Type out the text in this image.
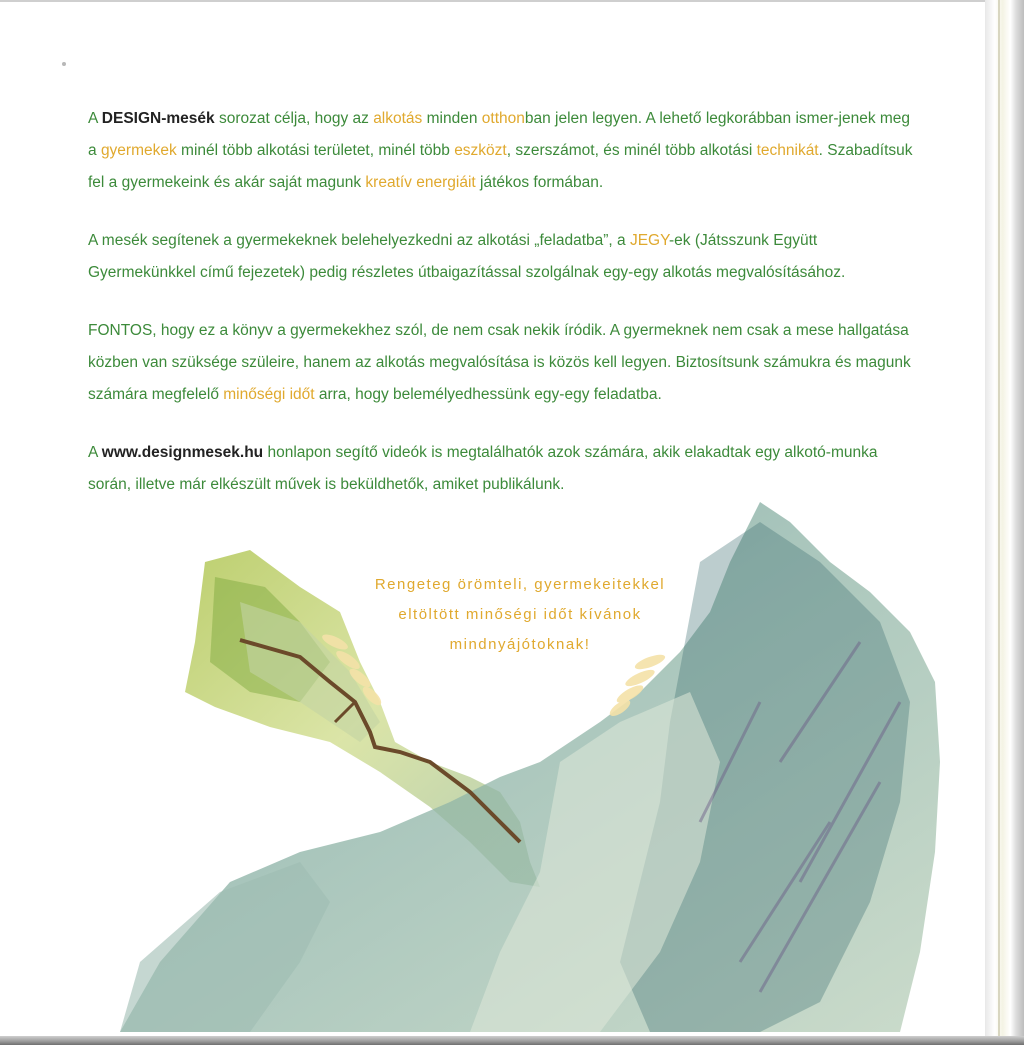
A DESIGN-mesék sorozat célja, hogy az alkotás minden otthonban jelen legyen. A lehető legkorábban ismer-jenek meg a gyermekek minél több alkotási területet, minél több eszközt, szerszámot, és minél több alkotási technikát. Szabadítsuk fel a gyermekeink és akár saját magunk kreatív energiáit játékos formában.

A mesék segítenek a gyermekeknek belehelyezkedni az alkotási „feladatba”, a JEGY-ek (Játsszunk Együtt Gyermekünkkel című fejezetek) pedig részletes útbaigazítással szolgálnak egy-egy alkotás megvalósításához.

FONTOS, hogy ez a könyv a gyermekekhez szól, de nem csak nekik íródik. A gyermeknek nem csak a mese hallgatása közben van szüksége szüleire, hanem az alkotás megvalósítása is közös kell legyen. Biztosítsunk számukra és magunk számára megfelelő minőségi időt arra, hogy belemélyedhessünk egy-egy feladatba.

A www.designmesek.hu honlapon segítő videók is megtalálhatók azok számára, akik elakadtak egy alkotó-munka során, illetve már elkészült művek is beküldhetők, amiket publikálunk.

Rengeteg örömteli, gyermekeitekkel
eltöltött minőségi időt kívánok
mindnyájótoknak!
